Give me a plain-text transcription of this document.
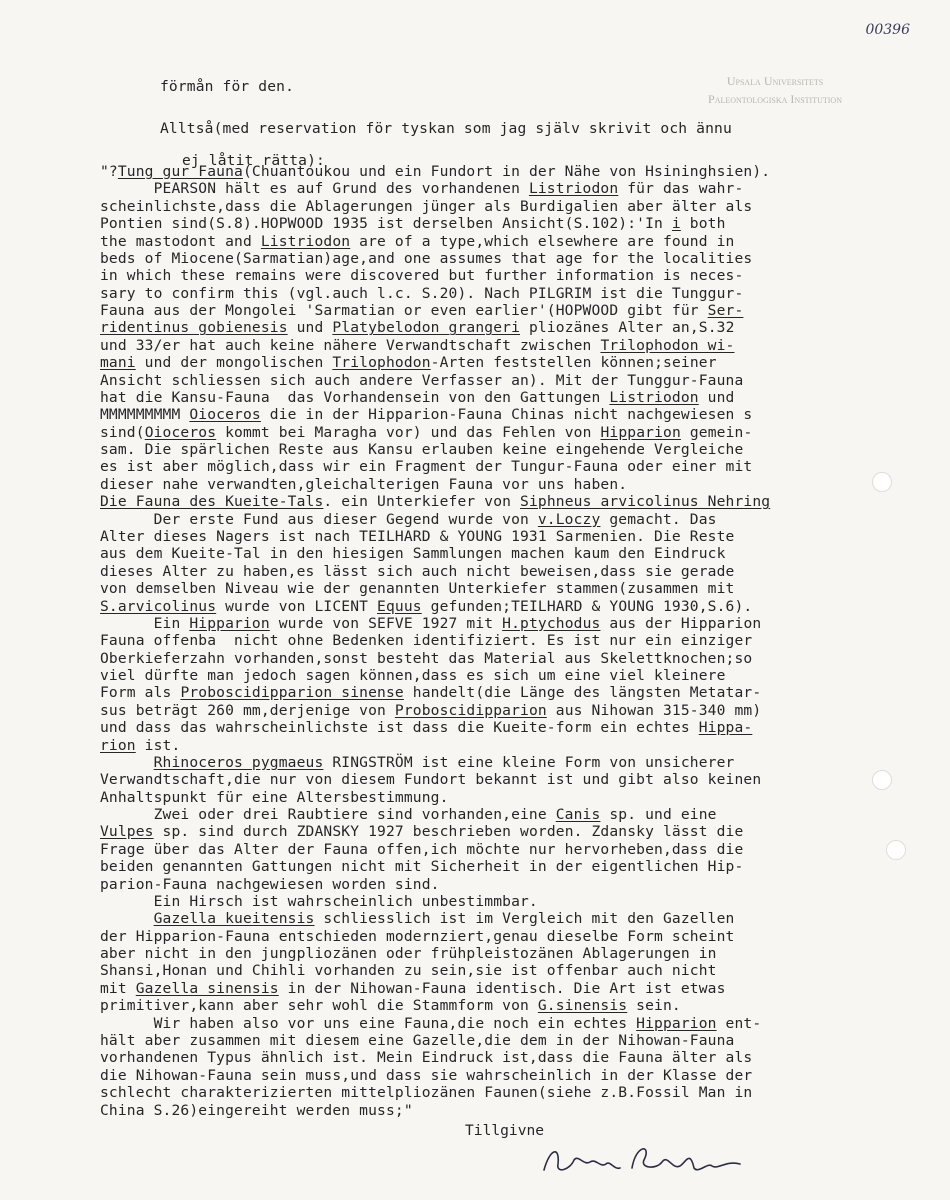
00396
Upsala Universitets
Paleontologiska Institution
förmån för den.
Alltså(med reservation för tyskan som jag själv skrivit och ännu
ej låtit rätta):
"?Tung gur Fauna(Chuantoukou und ein Fundort in der Nähe von Hsininghsien).
PEARSON hält es auf Grund des vorhandenen Listriodon für das wahr-
scheinlichste,dass die Ablagerungen jünger als Burdigalien aber älter als
Pontien sind(S.8).HOPWOOD 1935 ist derselben Ansicht(S.102):'In i both
the mastodont and Listriodon are of a type,which elsewhere are found in
beds of Miocene(Sarmatian)age,and one assumes that age for the localities
in which these remains were discovered but further information is neces-
sary to confirm this (vgl.auch l.c. S.20). Nach PILGRIM ist die Tunggur-
Fauna aus der Mongolei 'Sarmatian or even earlier'(HOPWOOD gibt für Ser-
ridentinus gobienesis und Platybelodon grangeri pliozänes Alter an,S.32
und 33/er hat auch keine nähere Verwandtschaft zwischen Trilophodon wi-
mani und der mongolischen Trilophodon-Arten feststellen können;seiner
Ansicht schliessen sich auch andere Verfasser an). Mit der Tunggur-Fauna
hat die Kansu-Fauna  das Vorhandensein von den Gattungen Listriodon und
MMMMMMMMM Oioceros die in der Hipparion-Fauna Chinas nicht nachgewiesen s
sind(Oioceros kommt bei Maragha vor) und das Fehlen von Hipparion gemein-
sam. Die spärlichen Reste aus Kansu erlauben keine eingehende Vergleiche
es ist aber möglich,dass wir ein Fragment der Tungur-Fauna oder einer mit
dieser nahe verwandten,gleichalterigen Fauna vor uns haben.
Die Fauna des Kueite-Tals. ein Unterkiefer von Siphneus arvicolinus Nehring
Der erste Fund aus dieser Gegend wurde von v.Loczy gemacht. Das
Alter dieses Nagers ist nach TEILHARD & YOUNG 1931 Sarmenien. Die Reste
aus dem Kueite-Tal in den hiesigen Sammlungen machen kaum den Eindruck
dieses Alter zu haben,es lässt sich auch nicht beweisen,dass sie gerade
von demselben Niveau wie der genannten Unterkiefer stammen(zusammen mit
S.arvicolinus wurde von LICENT Equus gefunden;TEILHARD & YOUNG 1930,S.6).
Ein Hipparion wurde von SEFVE 1927 mit H.ptychodus aus der Hipparion
Fauna offenba  nicht ohne Bedenken identifiziert. Es ist nur ein einziger
Oberkieferzahn vorhanden,sonst besteht das Material aus Skelettknochen;so
viel dürfte man jedoch sagen können,dass es sich um eine viel kleinere
Form als Proboscidipparion sinense handelt(die Länge des längsten Metatar-
sus beträgt 260 mm,derjenige von Proboscidipparion aus Nihowan 315-340 mm)
und dass das wahrscheinlichste ist dass die Kueite-form ein echtes Hippa-
rion ist.
Rhinoceros pygmaeus RINGSTRÖM ist eine kleine Form von unsicherer
Verwandtschaft,die nur von diesem Fundort bekannt ist und gibt also keinen
Anhaltspunkt für eine Altersbestimmung.
Zwei oder drei Raubtiere sind vorhanden,eine Canis sp. und eine
Vulpes sp. sind durch ZDANSKY 1927 beschrieben worden. Zdansky lässt die
Frage über das Alter der Fauna offen,ich möchte nur hervorheben,dass die
beiden genannten Gattungen nicht mit Sicherheit in der eigentlichen Hip-
parion-Fauna nachgewiesen worden sind.
Ein Hirsch ist wahrscheinlich unbestimmbar.
Gazella kueitensis schliesslich ist im Vergleich mit den Gazellen
der Hipparion-Fauna entschieden modernziert,genau dieselbe Form scheint
aber nicht in den jungpliozänen oder frühpleistozänen Ablagerungen in
Shansi,Honan und Chihli vorhanden zu sein,sie ist offenbar auch nicht
mit Gazella sinensis in der Nihowan-Fauna identisch. Die Art ist etwas
primitiver,kann aber sehr wohl die Stammform von G.sinensis sein.
Wir haben also vor uns eine Fauna,die noch ein echtes Hipparion ent-
hält aber zusammen mit diesem eine Gazelle,die dem in der Nihowan-Fauna
vorhandenen Typus ähnlich ist. Mein Eindruck ist,dass die Fauna älter als
die Nihowan-Fauna sein muss,und dass sie wahrscheinlich in der Klasse der
schlecht charakterizierten mittelpliozänen Faunen(siehe z.B.Fossil Man in
China S.26)eingereiht werden muss;"
Tillgivne
